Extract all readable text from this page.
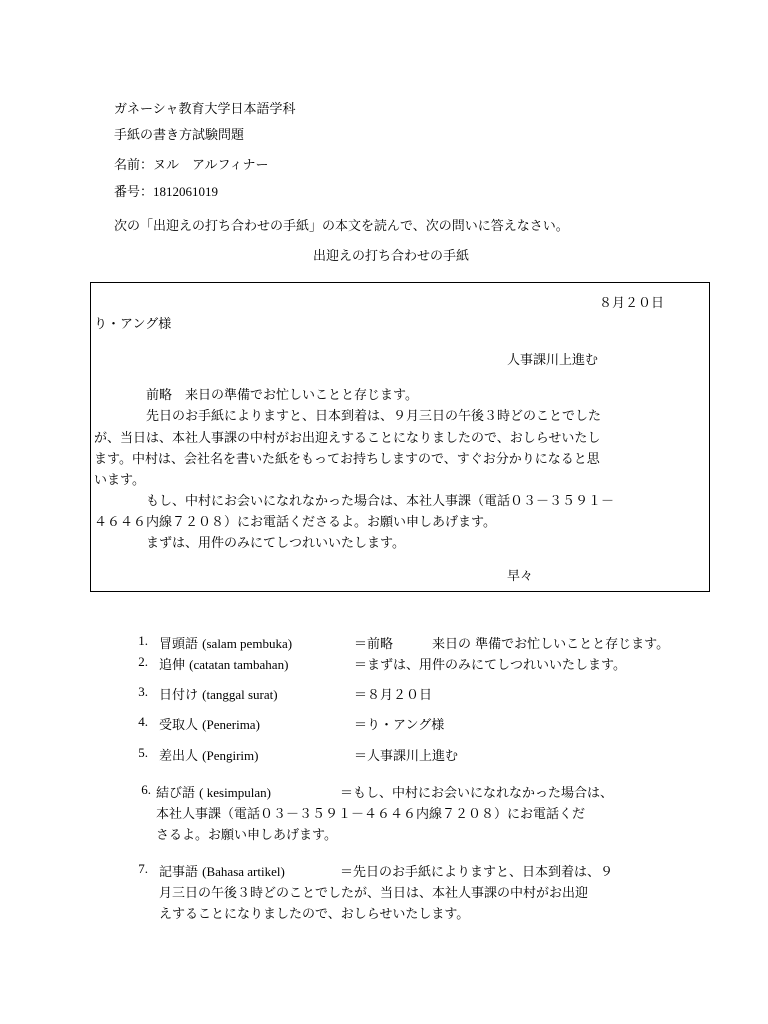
ガネーシャ教育大学日本語学科
手紙の書き方試験問題
名前：ヌル　アルフィナー
番号：1812061019
次の「出迎えの打ち合わせの手紙」の本文を読んで、次の問いに答えなさい。
出迎えの打ち合わせの手紙
８月２０日
り・アング様
人事課川上進む
前略　来日の準備でお忙しいことと存じます。
先日のお手紙によりますと、日本到着は、９月三日の午後３時どのことでした
が、当日は、本社人事課の中村がお出迎えすることになりましたので、おしらせいたし
ます。中村は、会社名を書いた紙をもってお持ちしますので、すぐお分かりになると思
います。
もし、中村にお会いになれなかった場合は、本社人事課（電話０３－３５９１－
４６４６内線７２０８）にお電話くださるよ。お願い申しあげます。
まずは、用件のみにてしつれいいたします。
早々
1. 冒頭語 (salam pembuka)	＝前略　　　来日の 準備でお忙しいことと存じます。
2. 追伸 (catatan tambahan)	＝まずは、用件のみにてしつれいいたします。
3. 日付け (tanggal surat)	＝８月２０日
4. 受取人 (Penerima)	＝り・アング様
5. 差出人 (Pengirim)	＝人事課川上進む
6. 結び語 ( kesimpulan)	＝もし、中村にお会いになれなかった場合は、
本社人事課（電話０３－３５９１－４６４６内線７２０８）にお電話くだ
さるよ。お願い申しあげます。
7. 記事語 (Bahasa artikel)	＝先日のお手紙によりますと、日本到着は、９
月三日の午後３時どのことでしたが、当日は、本社人事課の中村がお出迎
えすることになりましたので、おしらせいたします。
